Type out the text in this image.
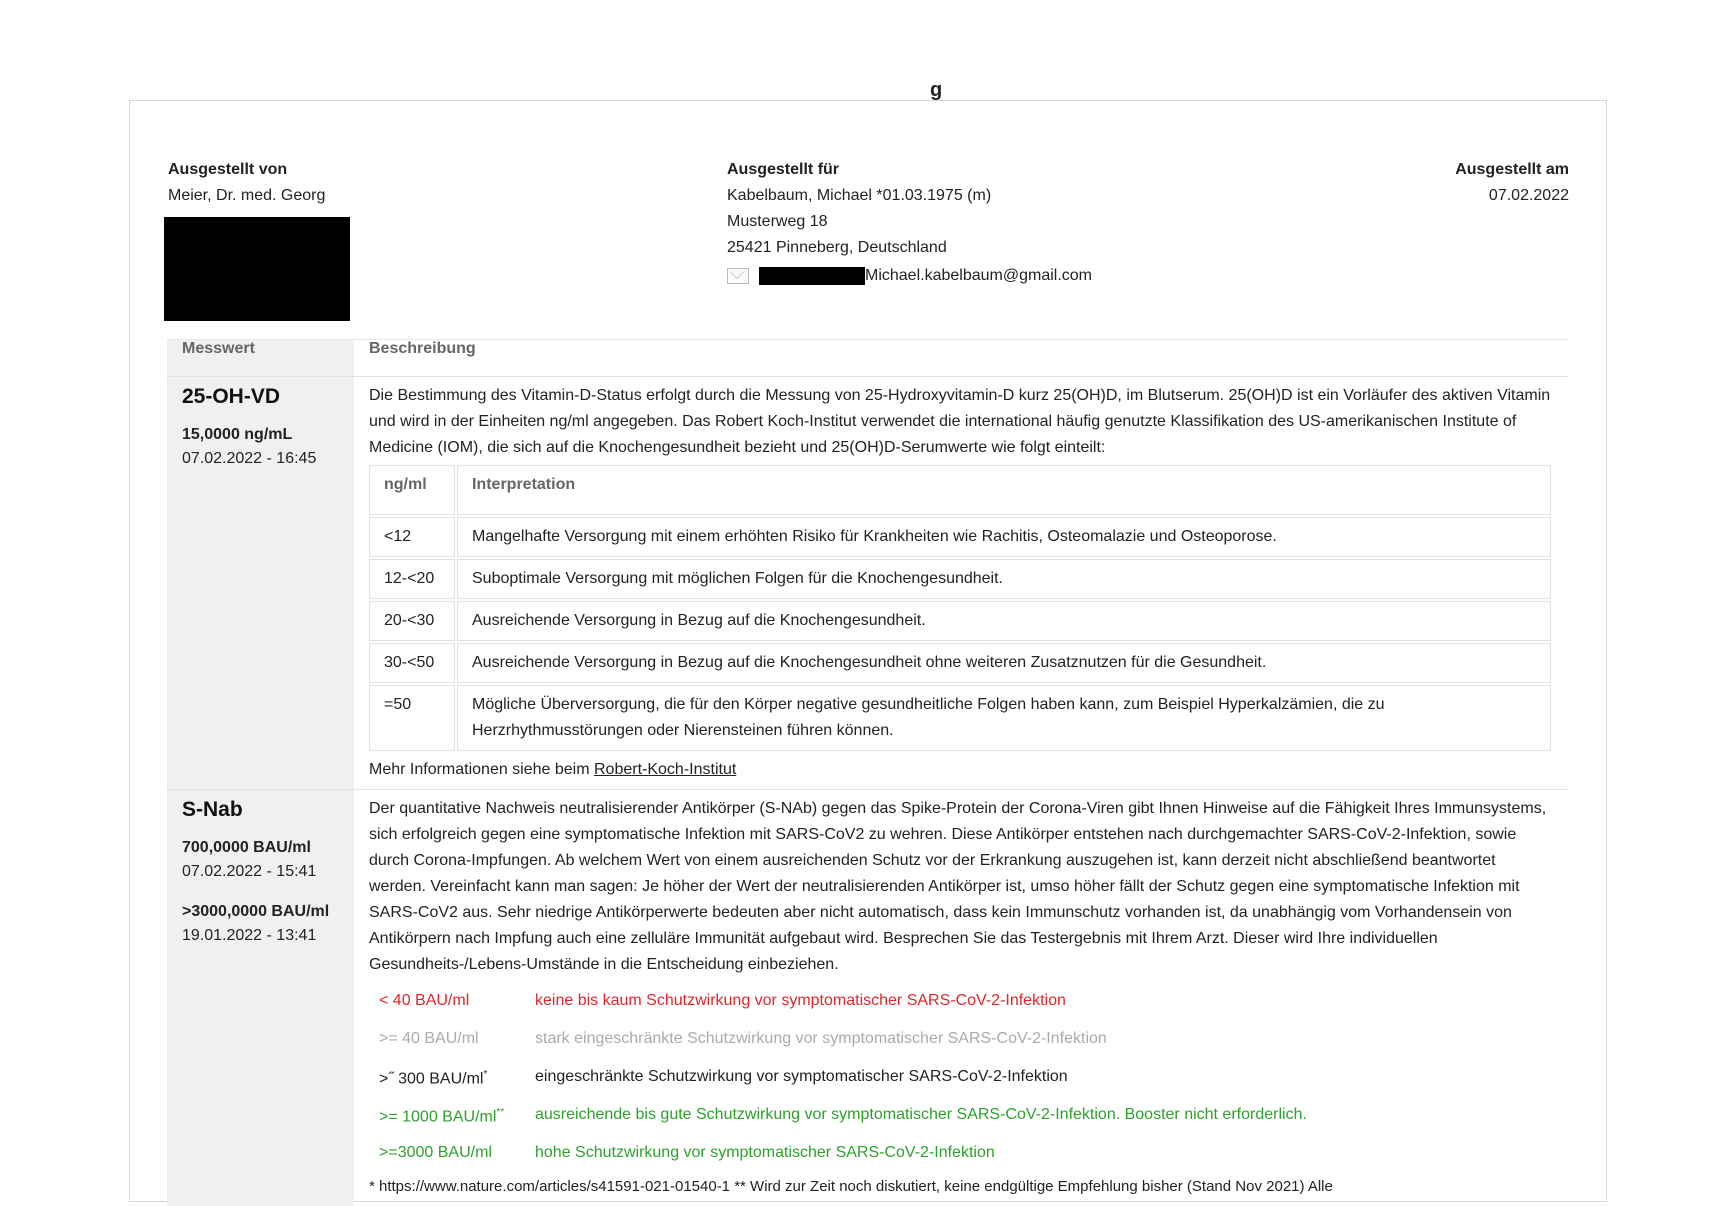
g
Ausgestellt von
Meier, Dr. med. Georg
Ausgestellt für
Kabelbaum, Michael *01.03.1975 (m)
Musterweg 18
25421 Pinneberg, Deutschland
Michael.kabelbaum@gmail.com
Ausgestellt am
07.02.2022
Messwert	Beschreibung

25-OH-VD
15,0000 ng/mL
07.02.2022 - 16:45

Die Bestimmung des Vitamin-D-Status erfolgt durch die Messung von 25-Hydroxyvitamin-D kurz 25(OH)D, im Blutserum. 25(OH)D ist ein Vorläufer des aktiven Vitamin und wird in der Einheiten ng/ml angegeben. Das Robert Koch-Institut verwendet die international häufig genutzte Klassifikation des US-amerikanischen Institute of Medicine (IOM), die sich auf die Knochengesundheit bezieht und 25(OH)D-Serumwerte wie folgt einteilt:
ng/ml	Interpretation
<12	Mangelhafte Versorgung mit einem erhöhten Risiko für Krankheiten wie Rachitis, Osteomalazie und Osteoporose.
12-<20	Suboptimale Versorgung mit möglichen Folgen für die Knochengesundheit.
20-<30	Ausreichende Versorgung in Bezug auf die Knochengesundheit.
30-<50	Ausreichende Versorgung in Bezug auf die Knochengesundheit ohne weiteren Zusatznutzen für die Gesundheit.
=50	Mögliche Überversorgung, die für den Körper negative gesundheitliche Folgen haben kann, zum Beispiel Hyperkalzämien, die zu Herzrhythmusstörungen oder Nierensteinen führen können.
Mehr Informationen siehe beim Robert-Koch-Institut

S-Nab
700,0000 BAU/ml
07.02.2022 - 15:41
>3000,0000 BAU/ml
19.01.2022 - 13:41

Der quantitative Nachweis neutralisierender Antikörper (S-NAb) gegen das Spike-Protein der Corona-Viren gibt Ihnen Hinweise auf die Fähigkeit Ihres Immunsystems, sich erfolgreich gegen eine symptomatische Infektion mit SARS-CoV2 zu wehren. Diese Antikörper entstehen nach durchgemachter SARS-CoV-2-Infektion, sowie durch Corona-Impfungen. Ab welchem Wert von einem ausreichenden Schutz vor der Erkrankung auszugehen ist, kann derzeit nicht abschließend beantwortet werden. Vereinfacht kann man sagen: Je höher der Wert der neutralisierenden Antikörper ist, umso höher fällt der Schutz gegen eine symptomatische Infektion mit SARS-CoV2 aus. Sehr niedrige Antikörperwerte bedeuten aber nicht automatisch, dass kein Immunschutz vorhanden ist, da unabhängig vom Vorhandensein von Antikörpern nach Impfung auch eine zelluläre Immunität aufgebaut wird. Besprechen Sie das Testergebnis mit Ihrem Arzt. Dieser wird Ihre individuellen Gesundheits-/Lebens-Umstände in die Entscheidung einbeziehen.
< 40 BAU/ml	keine bis kaum Schutzwirkung vor symptomatischer SARS-CoV-2-Infektion
>= 40 BAU/ml	stark eingeschränkte Schutzwirkung vor symptomatischer SARS-CoV-2-Infektion
>˝ 300 BAU/ml*	eingeschränkte Schutzwirkung vor symptomatischer SARS-CoV-2-Infektion
>= 1000 BAU/ml**	ausreichende bis gute Schutzwirkung vor symptomatischer SARS-CoV-2-Infektion. Booster nicht erforderlich.
>=3000 BAU/ml	hohe Schutzwirkung vor symptomatischer SARS-CoV-2-Infektion
* https://www.nature.com/articles/s41591-021-01540-1 ** Wird zur Zeit noch diskutiert, keine endgültige Empfehlung bisher (Stand Nov 2021) Alle
